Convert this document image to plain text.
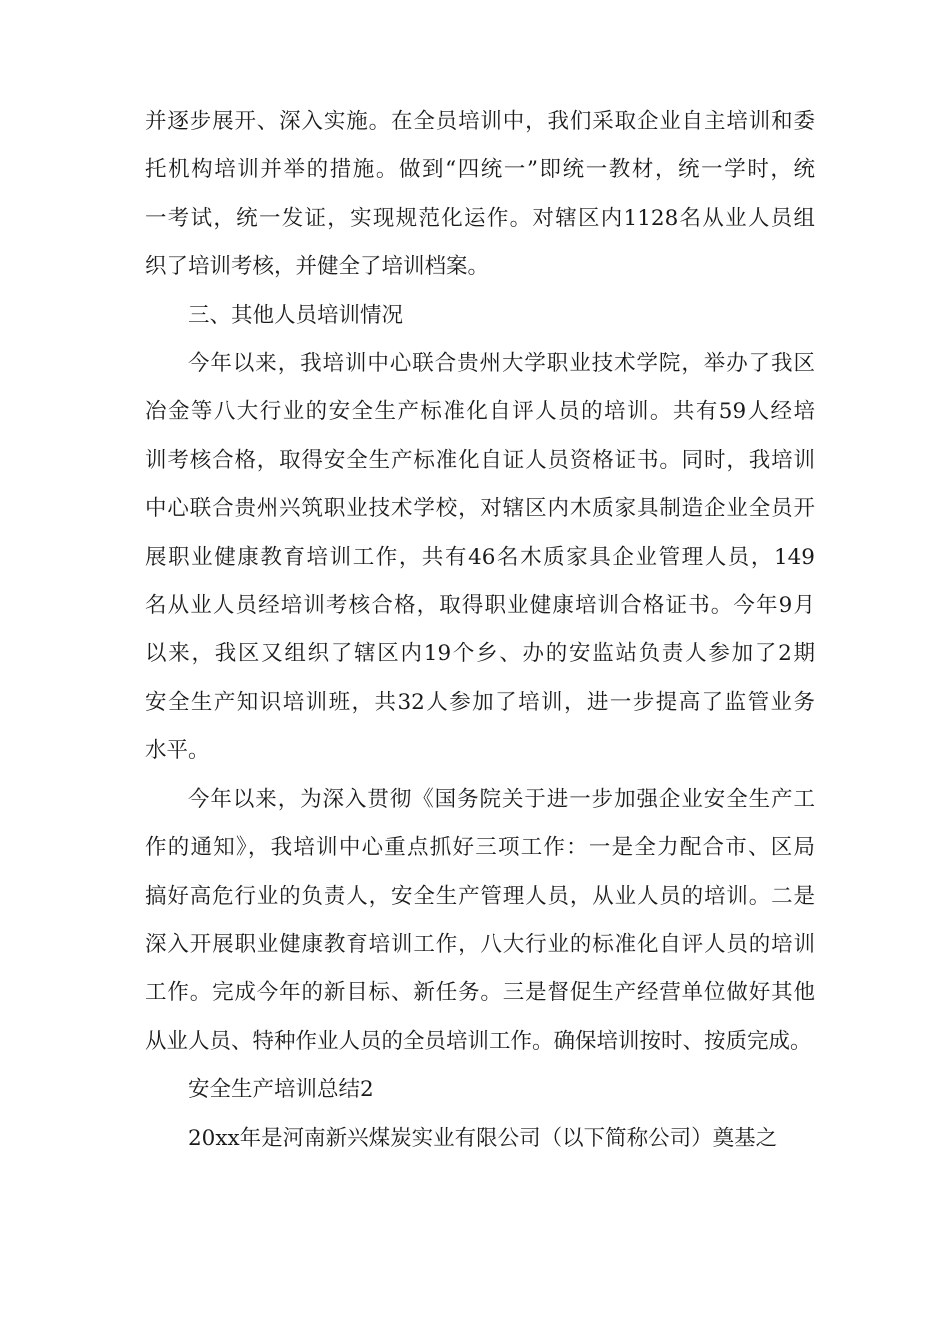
并逐步展开、深入实施。在全员培训中，我们采取企业自主培训和委
托机构培训并举的措施。做到“四统一”即统一教材，统一学时，统
一考试，统一发证，实现规范化运作。对辖区内1128名从业人员组
织了培训考核，并健全了培训档案。

三、其他人员培训情况

今年以来，我培训中心联合贵州大学职业技术学院，举办了我区
冶金等八大行业的安全生产标准化自评人员的培训。共有59人经培
训考核合格，取得安全生产标准化自证人员资格证书。同时，我培训
中心联合贵州兴筑职业技术学校，对辖区内木质家具制造企业全员开
展职业健康教育培训工作，共有46名木质家具企业管理人员，149
名从业人员经培训考核合格，取得职业健康培训合格证书。今年9月
以来，我区又组织了辖区内19个乡、办的安监站负责人参加了2期
安全生产知识培训班，共32人参加了培训，进一步提高了监管业务
水平。

今年以来，为深入贯彻《国务院关于进一步加强企业安全生产工
作的通知》，我培训中心重点抓好三项工作：一是全力配合市、区局
搞好高危行业的负责人，安全生产管理人员，从业人员的培训。二是
深入开展职业健康教育培训工作，八大行业的标准化自评人员的培训
工作。完成今年的新目标、新任务。三是督促生产经营单位做好其他
从业人员、特种作业人员的全员培训工作。确保培训按时、按质完成。

安全生产培训总结2

20xx年是河南新兴煤炭实业有限公司（以下简称公司）奠基之
